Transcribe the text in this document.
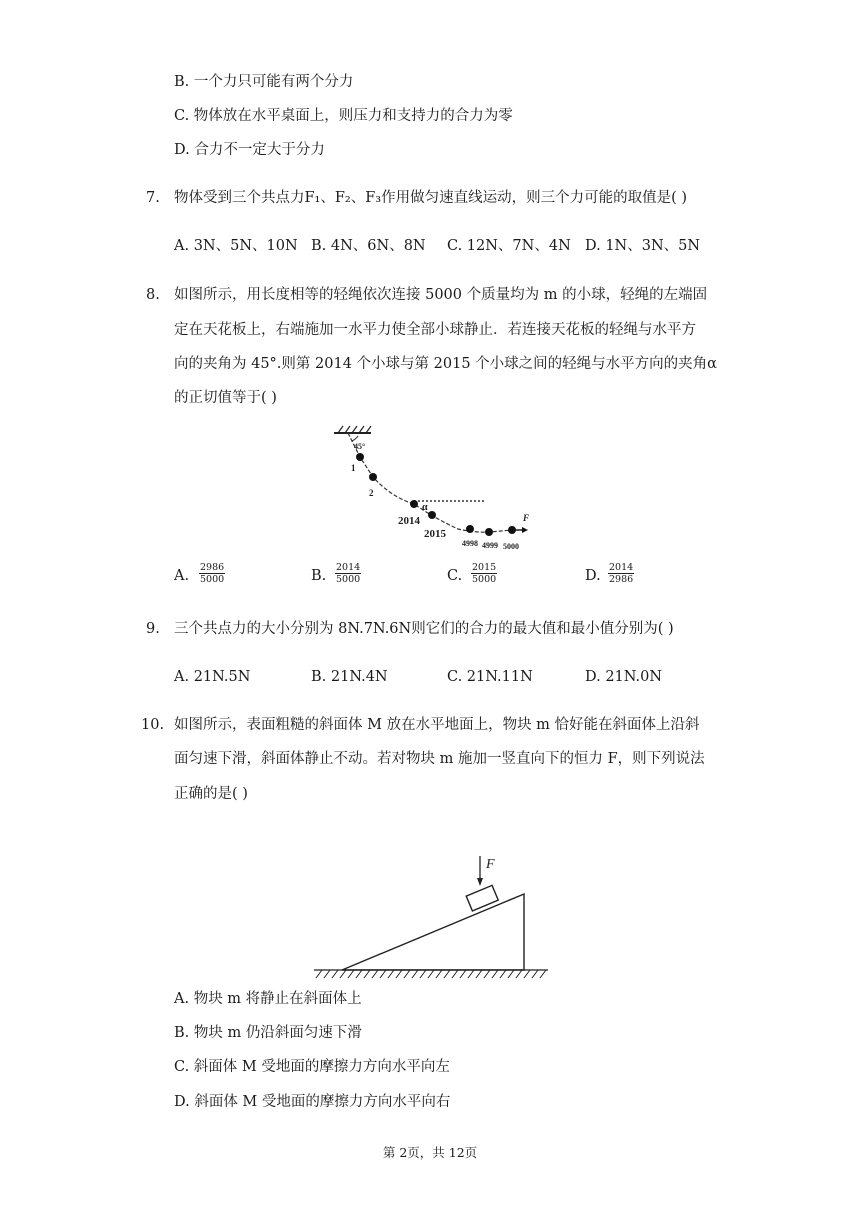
B. 一个力只可能有两个分力
C. 物体放在水平桌面上，则压力和支持力的合力为零
D. 合力不一定大于分力
7. 物体受到三个共点力F₁、F₂、F₃作用做匀速直线运动，则三个力可能的取值是( )
A. 3N、5N、10N B. 4N、6N、8N C. 12N、7N、4N D. 1N、3N、5N
8. 如图所示，用长度相等的轻绳依次连接 5000 个质量均为 m 的小球，轻绳的左端固
定在天花板上，右端施加一水平力使全部小球静止．若连接天花板的轻绳与水平方
向的夹角为 45°.则第 2014 个小球与第 2015 个小球之间的轻绳与水平方向的夹角α
的正切值等于( )
45°
1
2
2014
2015
4998 4999 5000
α
F
A. $\frac{2986}{5000}$	B. $\frac{2014}{5000}$	C. $\frac{2015}{5000}$	D. $\frac{2014}{2986}$
9. 三个共点力的大小分别为 8N.7N.6N则它们的合力的最大值和最小值分别为( )
A. 21N.5N	B. 21N.4N	C. 21N.11N	D. 21N.0N
10. 如图所示，表面粗糙的斜面体 M 放在水平地面上，物块 m 恰好能在斜面体上沿斜
面匀速下滑，斜面体静止不动。若对物块 m 施加一竖直向下的恒力 F，则下列说法
正确的是( )
F
A. 物块 m 将静止在斜面体上
B. 物块 m 仍沿斜面匀速下滑
C. 斜面体 M 受地面的摩擦力方向水平向左
D. 斜面体 M 受地面的摩擦力方向水平向右
第 2页，共 12页
